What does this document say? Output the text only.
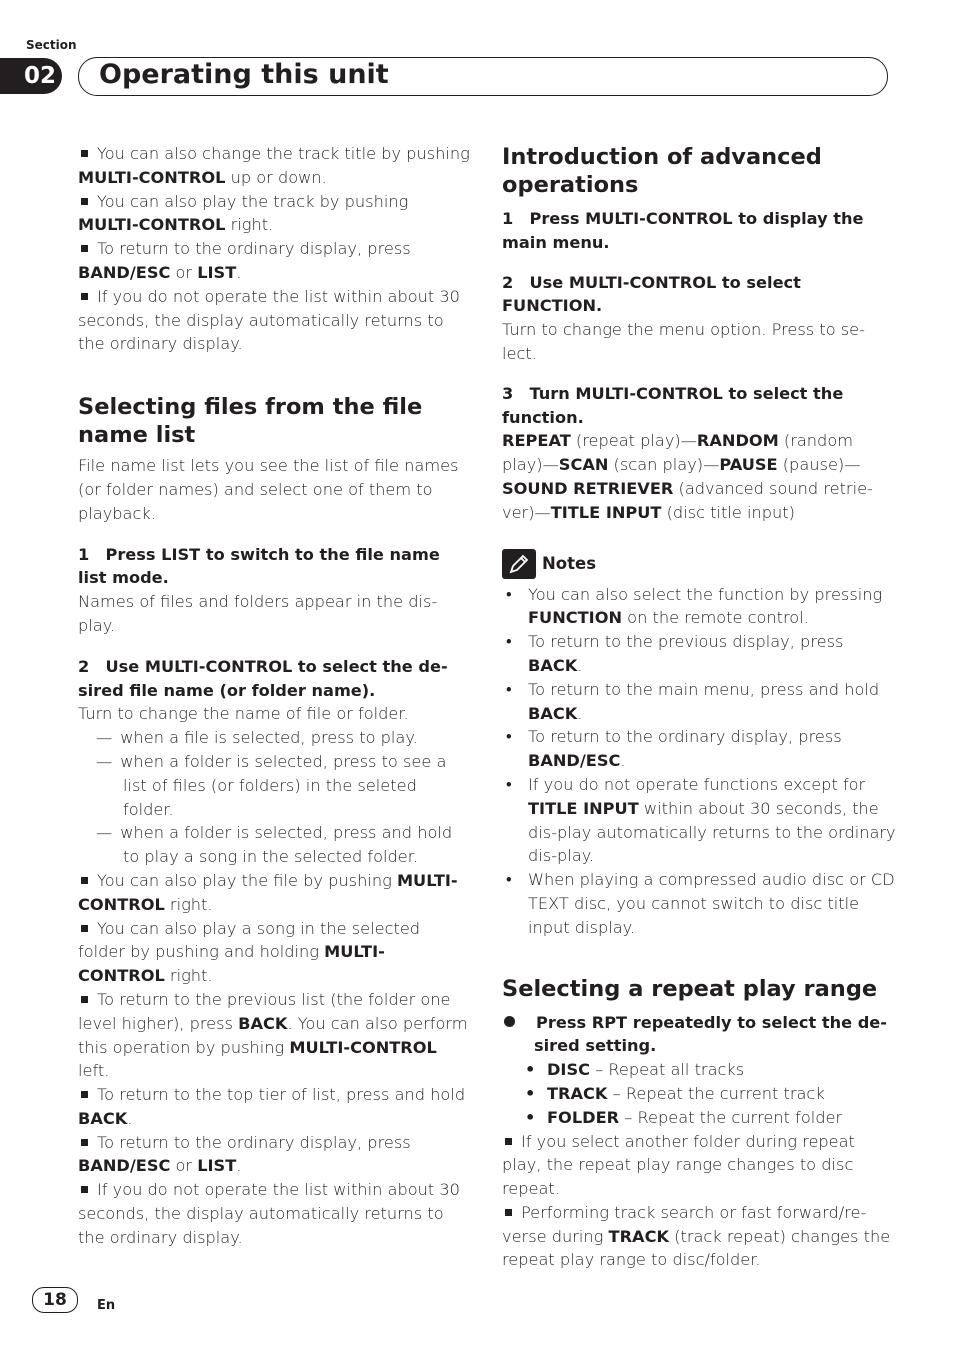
Section
02 Operating this unit

You can also change the track title by pushing MULTI-CONTROL up or down.

You can also play the track by pushing MULTI-CONTROL right.

To return to the ordinary display, press BAND/ESC or LIST.

If you do not operate the list within about 30 seconds, the display automatically returns to the ordinary display.

Selecting files from the file name list

File name list lets you see the list of file names (or folder names) and select one of them to playback.

1 Press LIST to switch to the file name list mode.

Names of files and folders appear in the dis-play.

2 Use MULTI-CONTROL to select the de-sired file name (or folder name).

Turn to change the name of file or folder.

— when a file is selected, press to play.

— when a folder is selected, press to see a list of files (or folders) in the seleted folder.

— when a folder is selected, press and hold to play a song in the selected folder.

You can also play the file by pushing MULTI-CONTROL right.

You can also play a song in the selected folder by pushing and holding MULTI-CONTROL right.

To return to the previous list (the folder one level higher), press BACK. You can also perform this operation by pushing MULTI-CONTROL left.

To return to the top tier of list, press and hold BACK.

To return to the ordinary display, press BAND/ESC or LIST.

If you do not operate the list within about 30 seconds, the display automatically returns to the ordinary display.

Introduction of advanced operations

1 Press MULTI-CONTROL to display the main menu.

2 Use MULTI-CONTROL to select FUNCTION.

Turn to change the menu option. Press to se-lect.

3 Turn MULTI-CONTROL to select the function.

REPEAT (repeat play)—RANDOM (random play)—SCAN (scan play)—PAUSE (pause)—SOUND RETRIEVER (advanced sound retrie-ver)—TITLE INPUT (disc title input)

Notes

• You can also select the function by pressing FUNCTION on the remote control.

• To return to the previous display, press BACK.

• To return to the main menu, press and hold BACK.

• To return to the ordinary display, press BAND/ESC.

• If you do not operate functions except for TITLE INPUT within about 30 seconds, the dis-play automatically returns to the ordinary dis-play.

• When playing a compressed audio disc or CD TEXT disc, you cannot switch to disc title input display.

Selecting a repeat play range

Press RPT repeatedly to select the de-sired setting.

• DISC – Repeat all tracks

• TRACK – Repeat the current track

• FOLDER – Repeat the current folder

If you select another folder during repeat play, the repeat play range changes to disc repeat.

Performing track search or fast forward/re-verse during TRACK (track repeat) changes the repeat play range to disc/folder.

18	En
